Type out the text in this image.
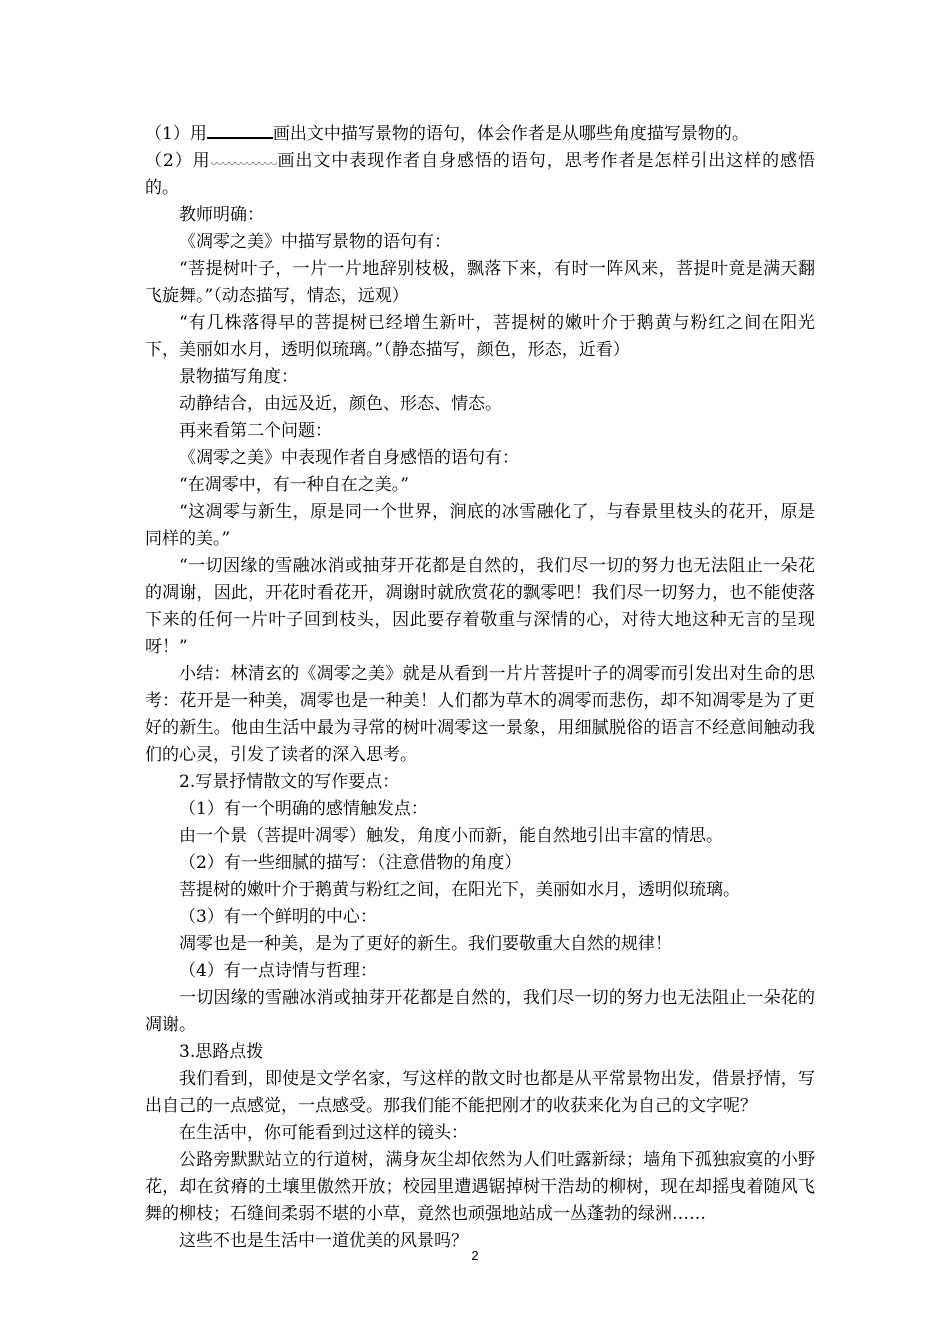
（1）用	画出文中描写景物的语句，体会作者是从哪些角度描写景物的。

（2）用	画出文中表现作者自身感悟的语句，思考作者是怎样引出这样的感悟的。

教师明确：

《凋零之美》中描写景物的语句有：

“菩提树叶子，一片一片地辞别枝极，飘落下来，有时一阵风来，菩提叶竟是满天翻飞旋舞。”（动态描写，情态，远观）

“有几株落得早的菩提树已经增生新叶，菩提树的嫩叶介于鹅黄与粉红之间在阳光下，美丽如水月，透明似琉璃。”（静态描写，颜色，形态，近看）

景物描写角度：

动静结合，由远及近，颜色、形态、情态。

再来看第二个问题：

《凋零之美》中表现作者自身感悟的语句有：

“在凋零中，有一种自在之美。”

“这凋零与新生，原是同一个世界，涧底的冰雪融化了，与春景里枝头的花开，原是同样的美。”

“一切因缘的雪融冰消或抽芽开花都是自然的，我们尽一切的努力也无法阻止一朵花的凋谢，因此，开花时看花开，凋谢时就欣赏花的飘零吧！我们尽一切努力，也不能使落下来的任何一片叶子回到枝头，因此要存着敬重与深情的心，对待大地这种无言的呈现呀！”

小结：林清玄的《凋零之美》就是从看到一片片菩提叶子的凋零而引发出对生命的思考：花开是一种美，凋零也是一种美！人们都为草木的凋零而悲伤，却不知凋零是为了更好的新生。他由生活中最为寻常的树叶凋零这一景象，用细腻脱俗的语言不经意间触动我们的心灵，引发了读者的深入思考。

2.写景抒情散文的写作要点：

（1）有一个明确的感情触发点：

由一个景（菩提叶凋零）触发，角度小而新，能自然地引出丰富的情思。

（2）有一些细腻的描写：（注意借物的角度）

菩提树的嫩叶介于鹅黄与粉红之间，在阳光下，美丽如水月，透明似琉璃。

（3）有一个鲜明的中心：

凋零也是一种美，是为了更好的新生。我们要敬重大自然的规律！

（4）有一点诗情与哲理：

一切因缘的雪融冰消或抽芽开花都是自然的，我们尽一切的努力也无法阻止一朵花的凋谢。

3.思路点拨

我们看到，即使是文学名家，写这样的散文时也都是从平常景物出发，借景抒情，写出自己的一点感觉，一点感受。那我们能不能把刚才的收获来化为自己的文字呢？

在生活中，你可能看到过这样的镜头：

公路旁默默站立的行道树，满身灰尘却依然为人们吐露新绿；墙角下孤独寂寞的小野花，却在贫瘠的土壤里傲然开放；校园里遭遇锯掉树干浩劫的柳树，现在却摇曳着随风飞舞的柳枝；石缝间柔弱不堪的小草，竟然也顽强地站成一丛蓬勃的绿洲……

这些不也是生活中一道优美的风景吗？

2
